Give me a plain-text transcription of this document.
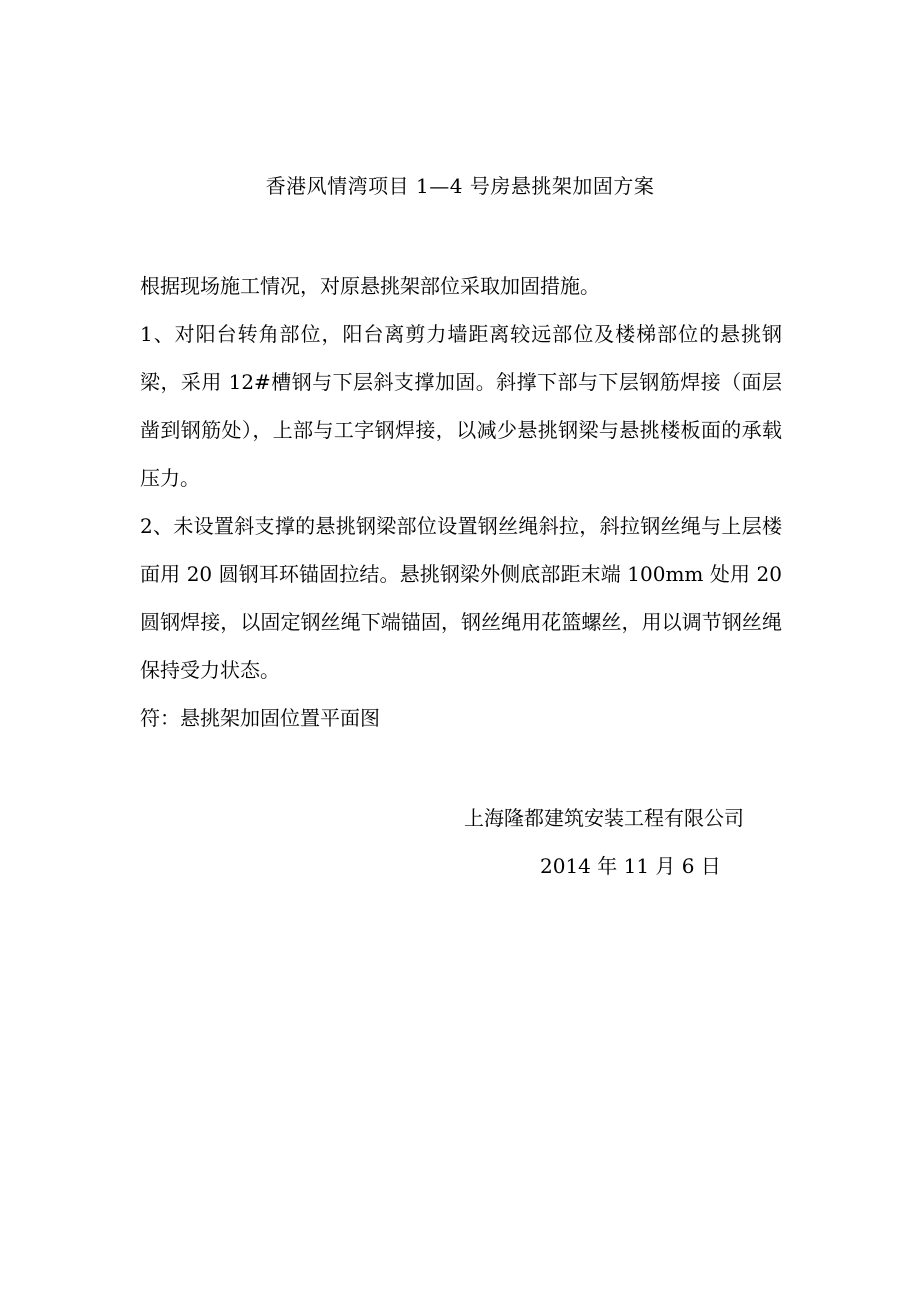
香港风情湾项目 1—4 号房悬挑架加固方案
根据现场施工情况，对原悬挑架部位采取加固措施。
1、对阳台转角部位，阳台离剪力墙距离较远部位及楼梯部位的悬挑钢梁，采用 12#槽钢与下层斜支撑加固。斜撑下部与下层钢筋焊接（面层凿到钢筋处），上部与工字钢焊接，以减少悬挑钢梁与悬挑楼板面的承载压力。
2、未设置斜支撑的悬挑钢梁部位设置钢丝绳斜拉，斜拉钢丝绳与上层楼面用 20 圆钢耳环锚固拉结。悬挑钢梁外侧底部距末端 100mm 处用 20 圆钢焊接，以固定钢丝绳下端锚固，钢丝绳用花篮螺丝，用以调节钢丝绳保持受力状态。
符：悬挑架加固位置平面图
上海隆都建筑安装工程有限公司
2014 年 11 月 6 日
